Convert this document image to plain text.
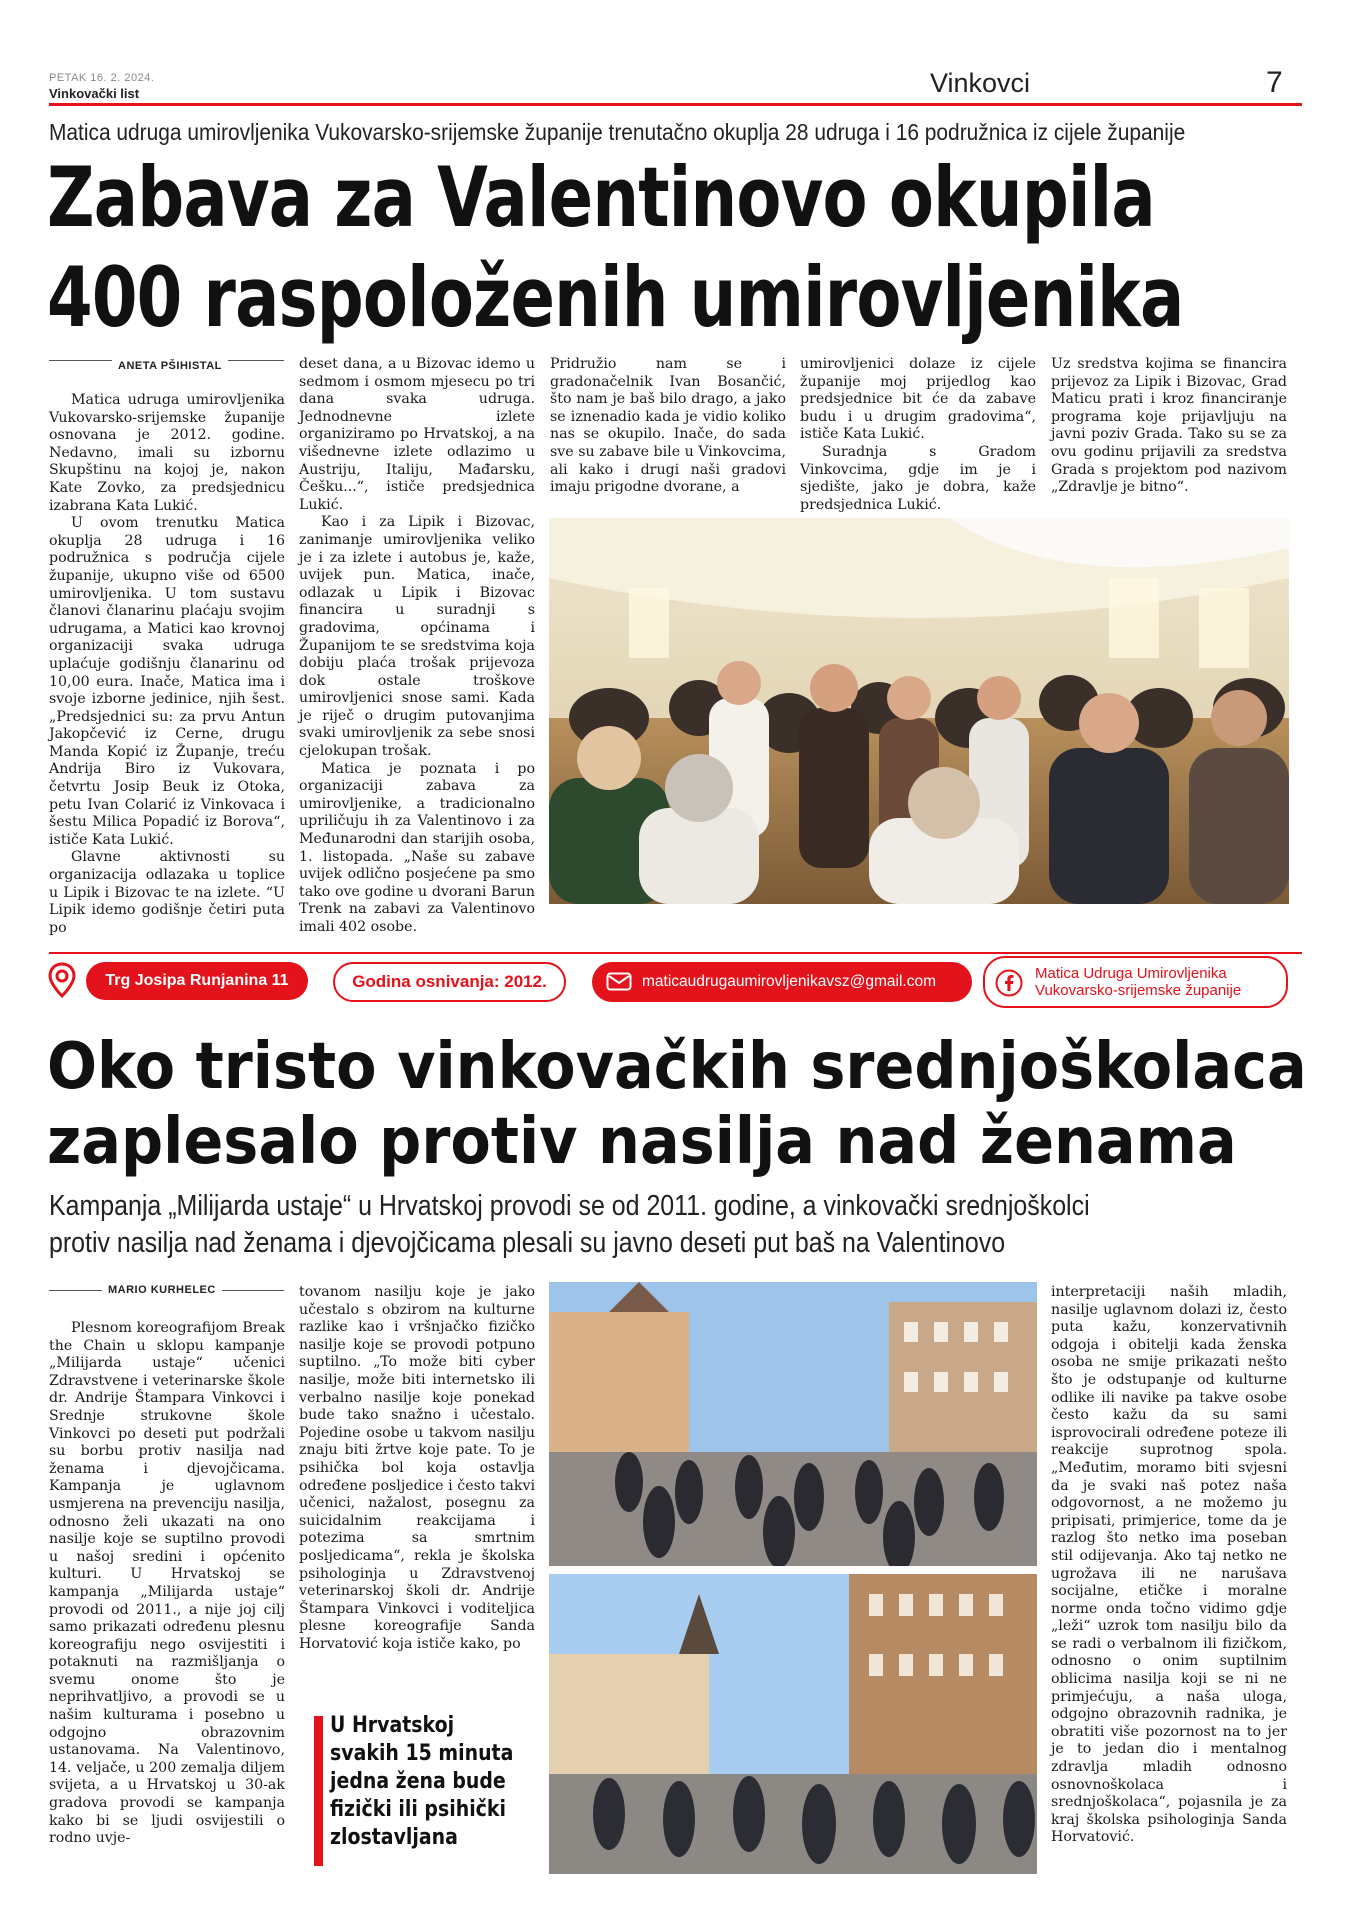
PETAK 16. 2. 2024.
Vinkovački list	Vinkovci	7
Matica udruga umirovljenika Vukovarsko-srijemske županije trenutačno okuplja 28 udruga i 16 podružnica iz cijele županije
Zabava za Valentinovo okupila
400 raspoloženih umirovljenika
ANETA PŠIHISTAL

Matica udruga umirovljenika Vukovarsko-srijemske županije osnovana je 2012. godine. Nedavno, imali su izbornu Skupštinu na kojoj je, nakon Kate Zovko, za predsjednicu izabrana Kata Lukić.

U ovom trenutku Matica okuplja 28 udruga i 16 podružnica s područja cijele županije, ukupno više od 6500 umirovljenika. U tom sustavu članovi članarinu plaćaju svojim udrugama, a Matici kao krovnoj organizaciji svaka udruga uplaćuje godišnju članarinu od 10,00 eura. Inače, Matica ima i svoje izborne jedinice, njih šest. „Predsjednici su: za prvu Antun Jakopčević iz Cerne, drugu Manda Kopić iz Županje, treću Andrija Biro iz Vukovara, četvrtu Josip Beuk iz Otoka, petu Ivan Colarić iz Vinkovaca i šestu Milica Popadić iz Borova“, ističe Kata Lukić.

Glavne aktivnosti su organizacija odlazaka u toplice u Lipik i Bizovac te na izlete. “U Lipik idemo godišnje četiri puta po

deset dana, a u Bizovac idemo u sedmom i osmom mjesecu po tri dana svaka udruga. Jednodnevne izlete organiziramo po Hrvatskoj, a na višednevne izlete odlazimo u Austriju, Italiju, Mađarsku, Češku...“, ističe predsjednica Lukić.

Kao i za Lipik i Bizovac, zanimanje umirovljenika veliko je i za izlete i autobus je, kaže, uvijek pun. Matica, inače, odlazak u Lipik i Bizovac financira u suradnji s gradovima, općinama i Županijom te se sredstvima koja dobiju plaća trošak prijevoza dok ostale troškove umirovljenici snose sami. Kada je riječ o drugim putovanjima svaki umirovljenik za sebe snosi cjelokupan trošak.

Matica je poznata i po organizaciji zabava za umirovljenike, a tradicionalno upriličuju ih za Valentinovo i za Međunarodni dan starijih osoba, 1. listopada. „Naše su zabave uvijek odlično posjećene pa smo tako ove godine u dvorani Barun Trenk na zabavi za Valentinovo imali 402 osobe.

Pridružio nam se i gradonačelnik Ivan Bosančić, što nam je baš bilo drago, a jako se iznenadio kada je vidio koliko nas se okupilo. Inače, do sada sve su zabave bile u Vinkovcima, ali kako i drugi naši gradovi imaju prigodne dvorane, a

umirovljenici dolaze iz cijele županije moj prijedlog kao predsjednice bit će da zabave budu i u drugim gradovima“, ističe Kata Lukić.

Suradnja s Gradom Vinkovcima, gdje im je i sjedište, jako je dobra, kaže predsjednica Lukić.

Uz sredstva kojima se financira prijevoz za Lipik i Bizovac, Grad Maticu prati i kroz financiranje programa koje prijavljuju na javni poziv Grada. Tako su se za ovu godinu prijavili za sredstva Grada s projektom pod nazivom „Zdravlje je bitno“.

Trg Josipa Runjanina 11	Godina osnivanja: 2012.	maticaudrugaumirovljenikavsz@gmail.com	Matica Udruga Umirovljenika
Vukovarsko-srijemske županije
Oko tristo vinkovačkih srednjoškolaca
zaplesalo protiv nasilja nad ženama
Kampanja „Milijarda ustaje“ u Hrvatskoj provodi se od 2011. godine, a vinkovački srednjoškolci
protiv nasilja nad ženama i djevojčicama plesali su javno deseti put baš na Valentinovo
MARIO KURHELEC

Plesnom koreografijom Break the Chain u sklopu kampanje „Milijarda ustaje“ učenici Zdravstvene i veterinarske škole dr. Andrije Štampara Vinkovci i Srednje strukovne škole Vinkovci po deseti put podržali su borbu protiv nasilja nad ženama i djevojčicama. Kampanja je uglavnom usmjerena na prevenciju nasilja, odnosno želi ukazati na ono nasilje koje se suptilno provodi u našoj sredini i općenito kulturi. U Hrvatskoj se kampanja „Milijarda ustaje“ provodi od 2011., a nije joj cilj samo prikazati određenu plesnu koreografiju nego osvijestiti i potaknuti na razmišljanja o svemu onome što je neprihvatljivo, a provodi se u našim kulturama i posebno u odgojno obrazovnim ustanovama. Na Valentinovo, 14. veljače, u 200 zemalja diljem svijeta, a u Hrvatskoj u 30-ak gradova provodi se kampanja kako bi se ljudi osvijestili o rodno uvje-

tovanom nasilju koje je jako učestalo s obzirom na kulturne razlike kao i vršnjačko fizičko nasilje koje se provodi potpuno suptilno. „To može biti cyber nasilje, može biti internetsko ili verbalno nasilje koje ponekad bude tako snažno i učestalo. Pojedine osobe u takvom nasilju znaju biti žrtve koje pate. To je psihička bol koja ostavlja određene posljedice i često takvi učenici, nažalost, posegnu za suicidalnim reakcijama i potezima sa smrtnim posljedicama“, rekla je školska psihologinja u Zdravstvenoj veterinarskoj školi dr. Andrije Štampara Vinkovci i voditeljica plesne koreografije Sanda Horvatović koja ističe kako, po

interpretaciji naših mladih, nasilje uglavnom dolazi iz, često puta kažu, konzervativnih odgoja i obitelji kada ženska osoba ne smije prikazati nešto što je odstupanje od kulturne odlike ili navike pa takve osobe često kažu da su sami isprovocirali određene poteze ili reakcije suprotnog spola. „Međutim, moramo biti svjesni da je svaki naš potez naša odgovornost, a ne možemo ju pripisati, primjerice, tome da je razlog što netko ima poseban stil odijevanja. Ako taj netko ne ugrožava ili ne narušava socijalne, etičke i moralne norme onda točno vidimo gdje „leži“ uzrok tom nasilju bilo da se radi o verbalnom ili fizičkom, odnosno o onim suptilnim oblicima nasilja koji se ni ne primjećuju, a naša uloga, odgojno obrazovnih radnika, je obratiti više pozornost na to jer je to jedan dio i mentalnog zdravlja mladih odnosno osnovnoškolaca i srednjoškolaca“, pojasnila je za kraj školska psihologinja Sanda Horvatović.

U Hrvatskoj
svakih 15 minuta
jedna žena bude
fizički ili psihički
zlostavljana
